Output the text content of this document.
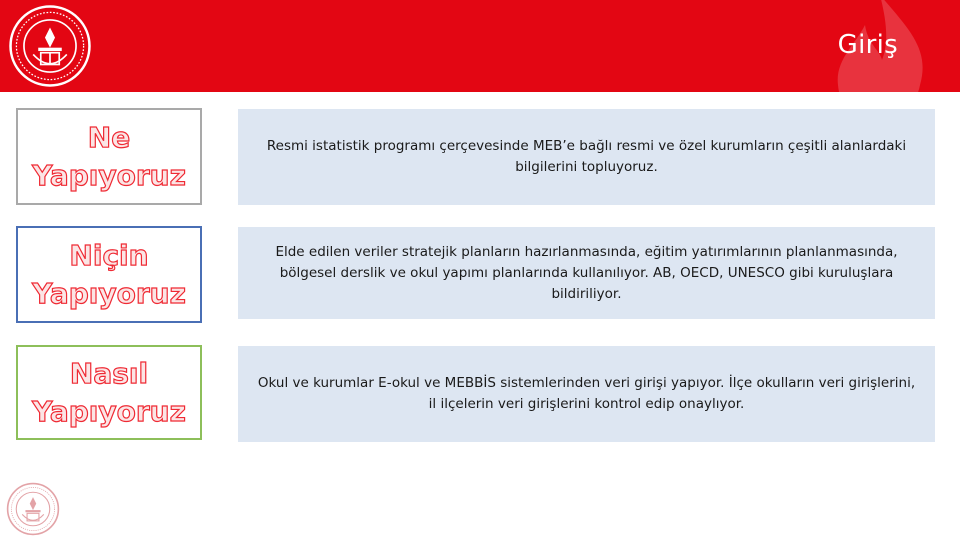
Giriş
Ne Yapıyoruz
Resmi istatistik programı çerçevesinde MEB’e bağlı resmi ve özel kurumların çeşitli alanlardaki bilgilerini topluyoruz.
Niçin Yapıyoruz
Elde edilen veriler stratejik planların hazırlanmasında, eğitim yatırımlarının planlanmasında, bölgesel derslik ve okul yapımı planlarında kullanılıyor. AB, OECD, UNESCO gibi kuruluşlara bildiriliyor.
Nasıl Yapıyoruz
Okul ve kurumlar E-okul ve MEBBİS sistemlerinden veri girişi yapıyor. İlçe okulların veri girişlerini, il ilçelerin veri girişlerini kontrol edip onaylıyor.
